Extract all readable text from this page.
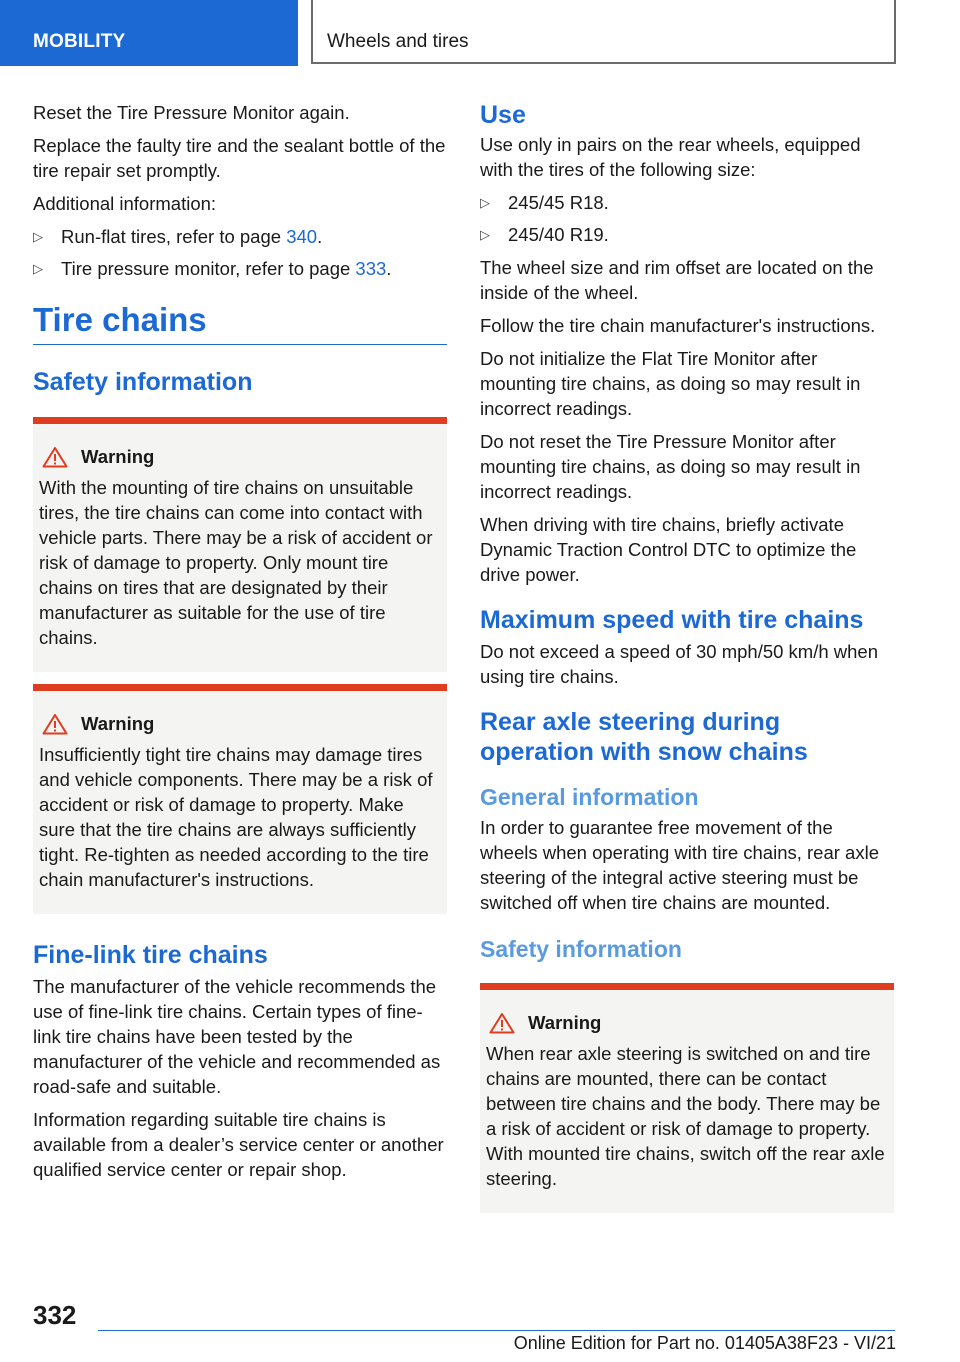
MOBILITY	Wheels and tires

Reset the Tire Pressure Monitor again.

Replace the faulty tire and the sealant bottle of the tire repair set promptly.

Additional information:

▷ Run-flat tires, refer to page 340.
▷ Tire pressure monitor, refer to page 333.
Tire chains
Safety information
Warning

With the mounting of tire chains on unsuitable tires, the tire chains can come into contact with vehicle parts. There may be a risk of accident or risk of damage to property. Only mount tire chains on tires that are designated by their manufacturer as suitable for the use of tire chains.

Warning

Insufficiently tight tire chains may damage tires and vehicle components. There may be a risk of accident or risk of damage to property. Make sure that the tire chains are always sufficiently tight. Re-tighten as needed according to the tire chain manufacturer's instructions.

Fine-link tire chains

The manufacturer of the vehicle recommends the use of fine-link tire chains. Certain types of fine-link tire chains have been tested by the manufacturer of the vehicle and recommended as road-safe and suitable.

Information regarding suitable tire chains is available from a dealer’s service center or another qualified service center or repair shop.

Use

Use only in pairs on the rear wheels, equipped with the tires of the following size:

▷ 245/45 R18.
▷ 245/40 R19.

The wheel size and rim offset are located on the inside of the wheel.

Follow the tire chain manufacturer's instructions.

Do not initialize the Flat Tire Monitor after mounting tire chains, as doing so may result in incorrect readings.

Do not reset the Tire Pressure Monitor after mounting tire chains, as doing so may result in incorrect readings.

When driving with tire chains, briefly activate Dynamic Traction Control DTC to optimize the drive power.

Maximum speed with tire chains

Do not exceed a speed of 30 mph/50 km/h when using tire chains.

Rear axle steering during operation with snow chains
General information

In order to guarantee free movement of the wheels when operating with tire chains, rear axle steering of the integral active steering must be switched off when tire chains are mounted.

Safety information
Warning

When rear axle steering is switched on and tire chains are mounted, there can be contact between tire chains and the body. There may be a risk of accident or risk of damage to property. With mounted tire chains, switch off the rear axle steering.

332
Online Edition for Part no. 01405A38F23 - VI/21
